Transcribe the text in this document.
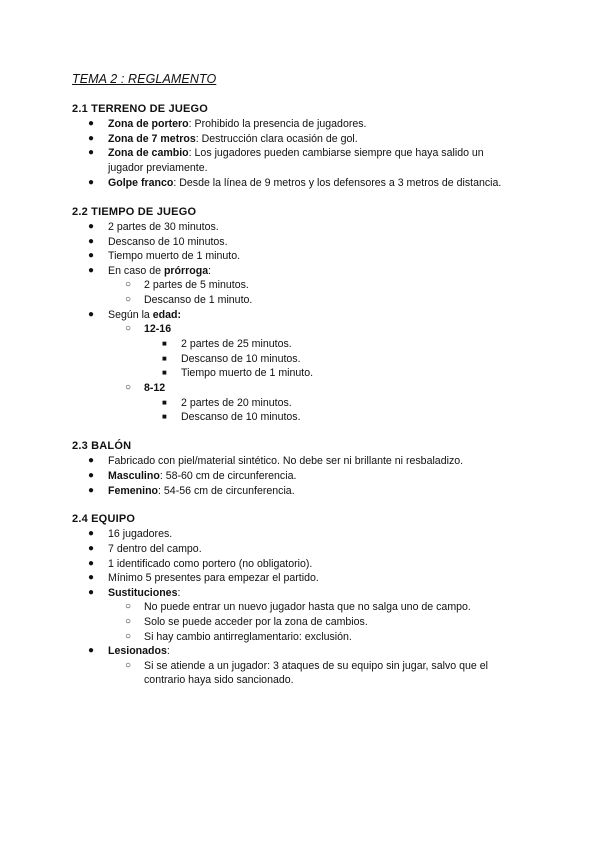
TEMA 2 : REGLAMENTO
2.1 TERRENO DE JUEGO
● Zona de portero: Prohibido la presencia de jugadores.
● Zona de 7 metros: Destrucción clara ocasión de gol.
● Zona de cambio: Los jugadores pueden cambiarse siempre que haya salido un
jugador previamente.
● Golpe franco: Desde la línea de 9 metros y los defensores a 3 metros de distancia.
2.2 TIEMPO DE JUEGO
● 2 partes de 30 minutos.
● Descanso de 10 minutos.
● Tiempo muerto de 1 minuto.
● En caso de prórroga:
○ 2 partes de 5 minutos.
○ Descanso de 1 minuto.
● Según la edad:
○ 12-16
■ 2 partes de 25 minutos.
■ Descanso de 10 minutos.
■ Tiempo muerto de 1 minuto.
○ 8-12
■ 2 partes de 20 minutos.
■ Descanso de 10 minutos.
2.3 BALÓN
● Fabricado con piel/material sintético. No debe ser ni brillante ni resbaladizo.
● Masculino: 58-60 cm de circunferencia.
● Femenino: 54-56 cm de circunferencia.
2.4 EQUIPO
● 16 jugadores.
● 7 dentro del campo.
● 1 identificado como portero (no obligatorio).
● Mínimo 5 presentes para empezar el partido.
● Sustituciones:
○ No puede entrar un nuevo jugador hasta que no salga uno de campo.
○ Solo se puede acceder por la zona de cambios.
○ Si hay cambio antirreglamentario: exclusión.
● Lesionados:
○ Si se atiende a un jugador: 3 ataques de su equipo sin jugar, salvo que el
contrario haya sido sancionado.
